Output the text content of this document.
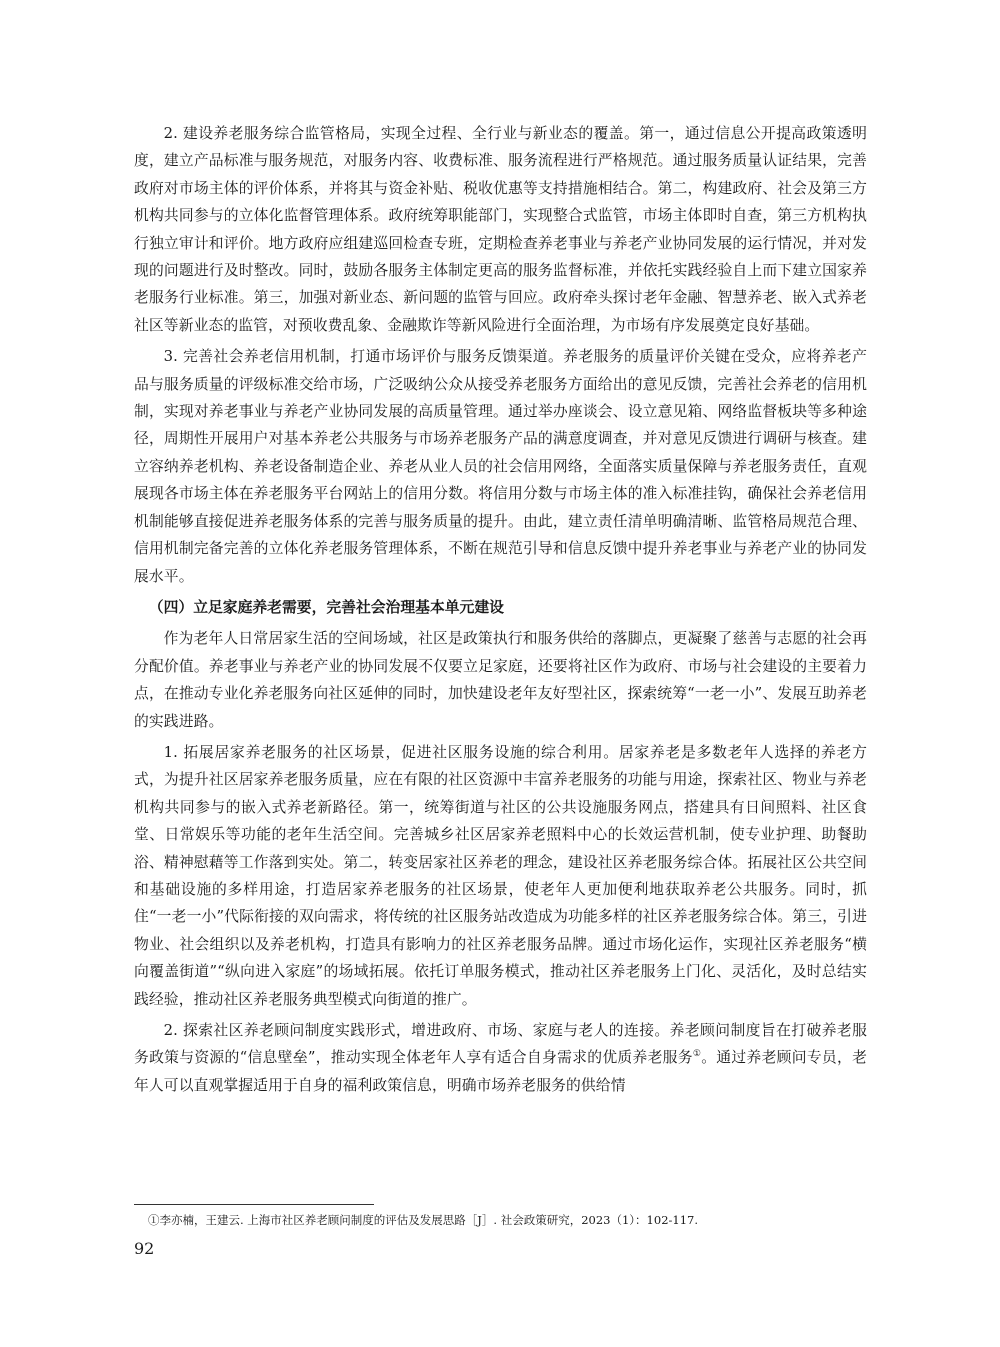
2. 建设养老服务综合监管格局，实现全过程、全行业与新业态的覆盖。第一，通过信息公开提高政策透明度，建立产品标准与服务规范，对服务内容、收费标准、服务流程进行严格规范。通过服务质量认证结果，完善政府对市场主体的评价体系，并将其与资金补贴、税收优惠等支持措施相结合。第二，构建政府、社会及第三方机构共同参与的立体化监督管理体系。政府统筹职能部门，实现整合式监管，市场主体即时自查，第三方机构执行独立审计和评价。地方政府应组建巡回检查专班，定期检查养老事业与养老产业协同发展的运行情况，并对发现的问题进行及时整改。同时，鼓励各服务主体制定更高的服务监督标准，并依托实践经验自上而下建立国家养老服务行业标准。第三，加强对新业态、新问题的监管与回应。政府牵头探讨老年金融、智慧养老、嵌入式养老社区等新业态的监管，对预收费乱象、金融欺诈等新风险进行全面治理，为市场有序发展奠定良好基础。

3. 完善社会养老信用机制，打通市场评价与服务反馈渠道。养老服务的质量评价关键在受众，应将养老产品与服务质量的评级标准交给市场，广泛吸纳公众从接受养老服务方面给出的意见反馈，完善社会养老的信用机制，实现对养老事业与养老产业协同发展的高质量管理。通过举办座谈会、设立意见箱、网络监督板块等多种途径，周期性开展用户对基本养老公共服务与市场养老服务产品的满意度调查，并对意见反馈进行调研与核查。建立容纳养老机构、养老设备制造企业、养老从业人员的社会信用网络，全面落实质量保障与养老服务责任，直观展现各市场主体在养老服务平台网站上的信用分数。将信用分数与市场主体的准入标准挂钩，确保社会养老信用机制能够直接促进养老服务体系的完善与服务质量的提升。由此，建立责任清单明确清晰、监管格局规范合理、信用机制完备完善的立体化养老服务管理体系，不断在规范引导和信息反馈中提升养老事业与养老产业的协同发展水平。

（四）立足家庭养老需要，完善社会治理基本单元建设

作为老年人日常居家生活的空间场域，社区是政策执行和服务供给的落脚点，更凝聚了慈善与志愿的社会再分配价值。养老事业与养老产业的协同发展不仅要立足家庭，还要将社区作为政府、市场与社会建设的主要着力点，在推动专业化养老服务向社区延伸的同时，加快建设老年友好型社区，探索统筹“一老一小”、发展互助养老的实践进路。

1. 拓展居家养老服务的社区场景，促进社区服务设施的综合利用。居家养老是多数老年人选择的养老方式，为提升社区居家养老服务质量，应在有限的社区资源中丰富养老服务的功能与用途，探索社区、物业与养老机构共同参与的嵌入式养老新路径。第一，统筹街道与社区的公共设施服务网点，搭建具有日间照料、社区食堂、日常娱乐等功能的老年生活空间。完善城乡社区居家养老照料中心的长效运营机制，使专业护理、助餐助浴、精神慰藉等工作落到实处。第二，转变居家社区养老的理念，建设社区养老服务综合体。拓展社区公共空间和基础设施的多样用途，打造居家养老服务的社区场景，使老年人更加便利地获取养老公共服务。同时，抓住“一老一小”代际衔接的双向需求，将传统的社区服务站改造成为功能多样的社区养老服务综合体。第三，引进物业、社会组织以及养老机构，打造具有影响力的社区养老服务品牌。通过市场化运作，实现社区养老服务“横向覆盖街道”“纵向进入家庭”的场域拓展。依托订单服务模式，推动社区养老服务上门化、灵活化，及时总结实践经验，推动社区养老服务典型模式向街道的推广。

2. 探索社区养老顾问制度实践形式，增进政府、市场、家庭与老人的连接。养老顾问制度旨在打破养老服务政策与资源的“信息壁垒”，推动实现全体老年人享有适合自身需求的优质养老服务①。通过养老顾问专员，老年人可以直观掌握适用于自身的福利政策信息，明确市场养老服务的供给情

①李亦楠，王建云. 上海市社区养老顾问制度的评估及发展思路［J］. 社会政策研究，2023（1）：102-117.

92
